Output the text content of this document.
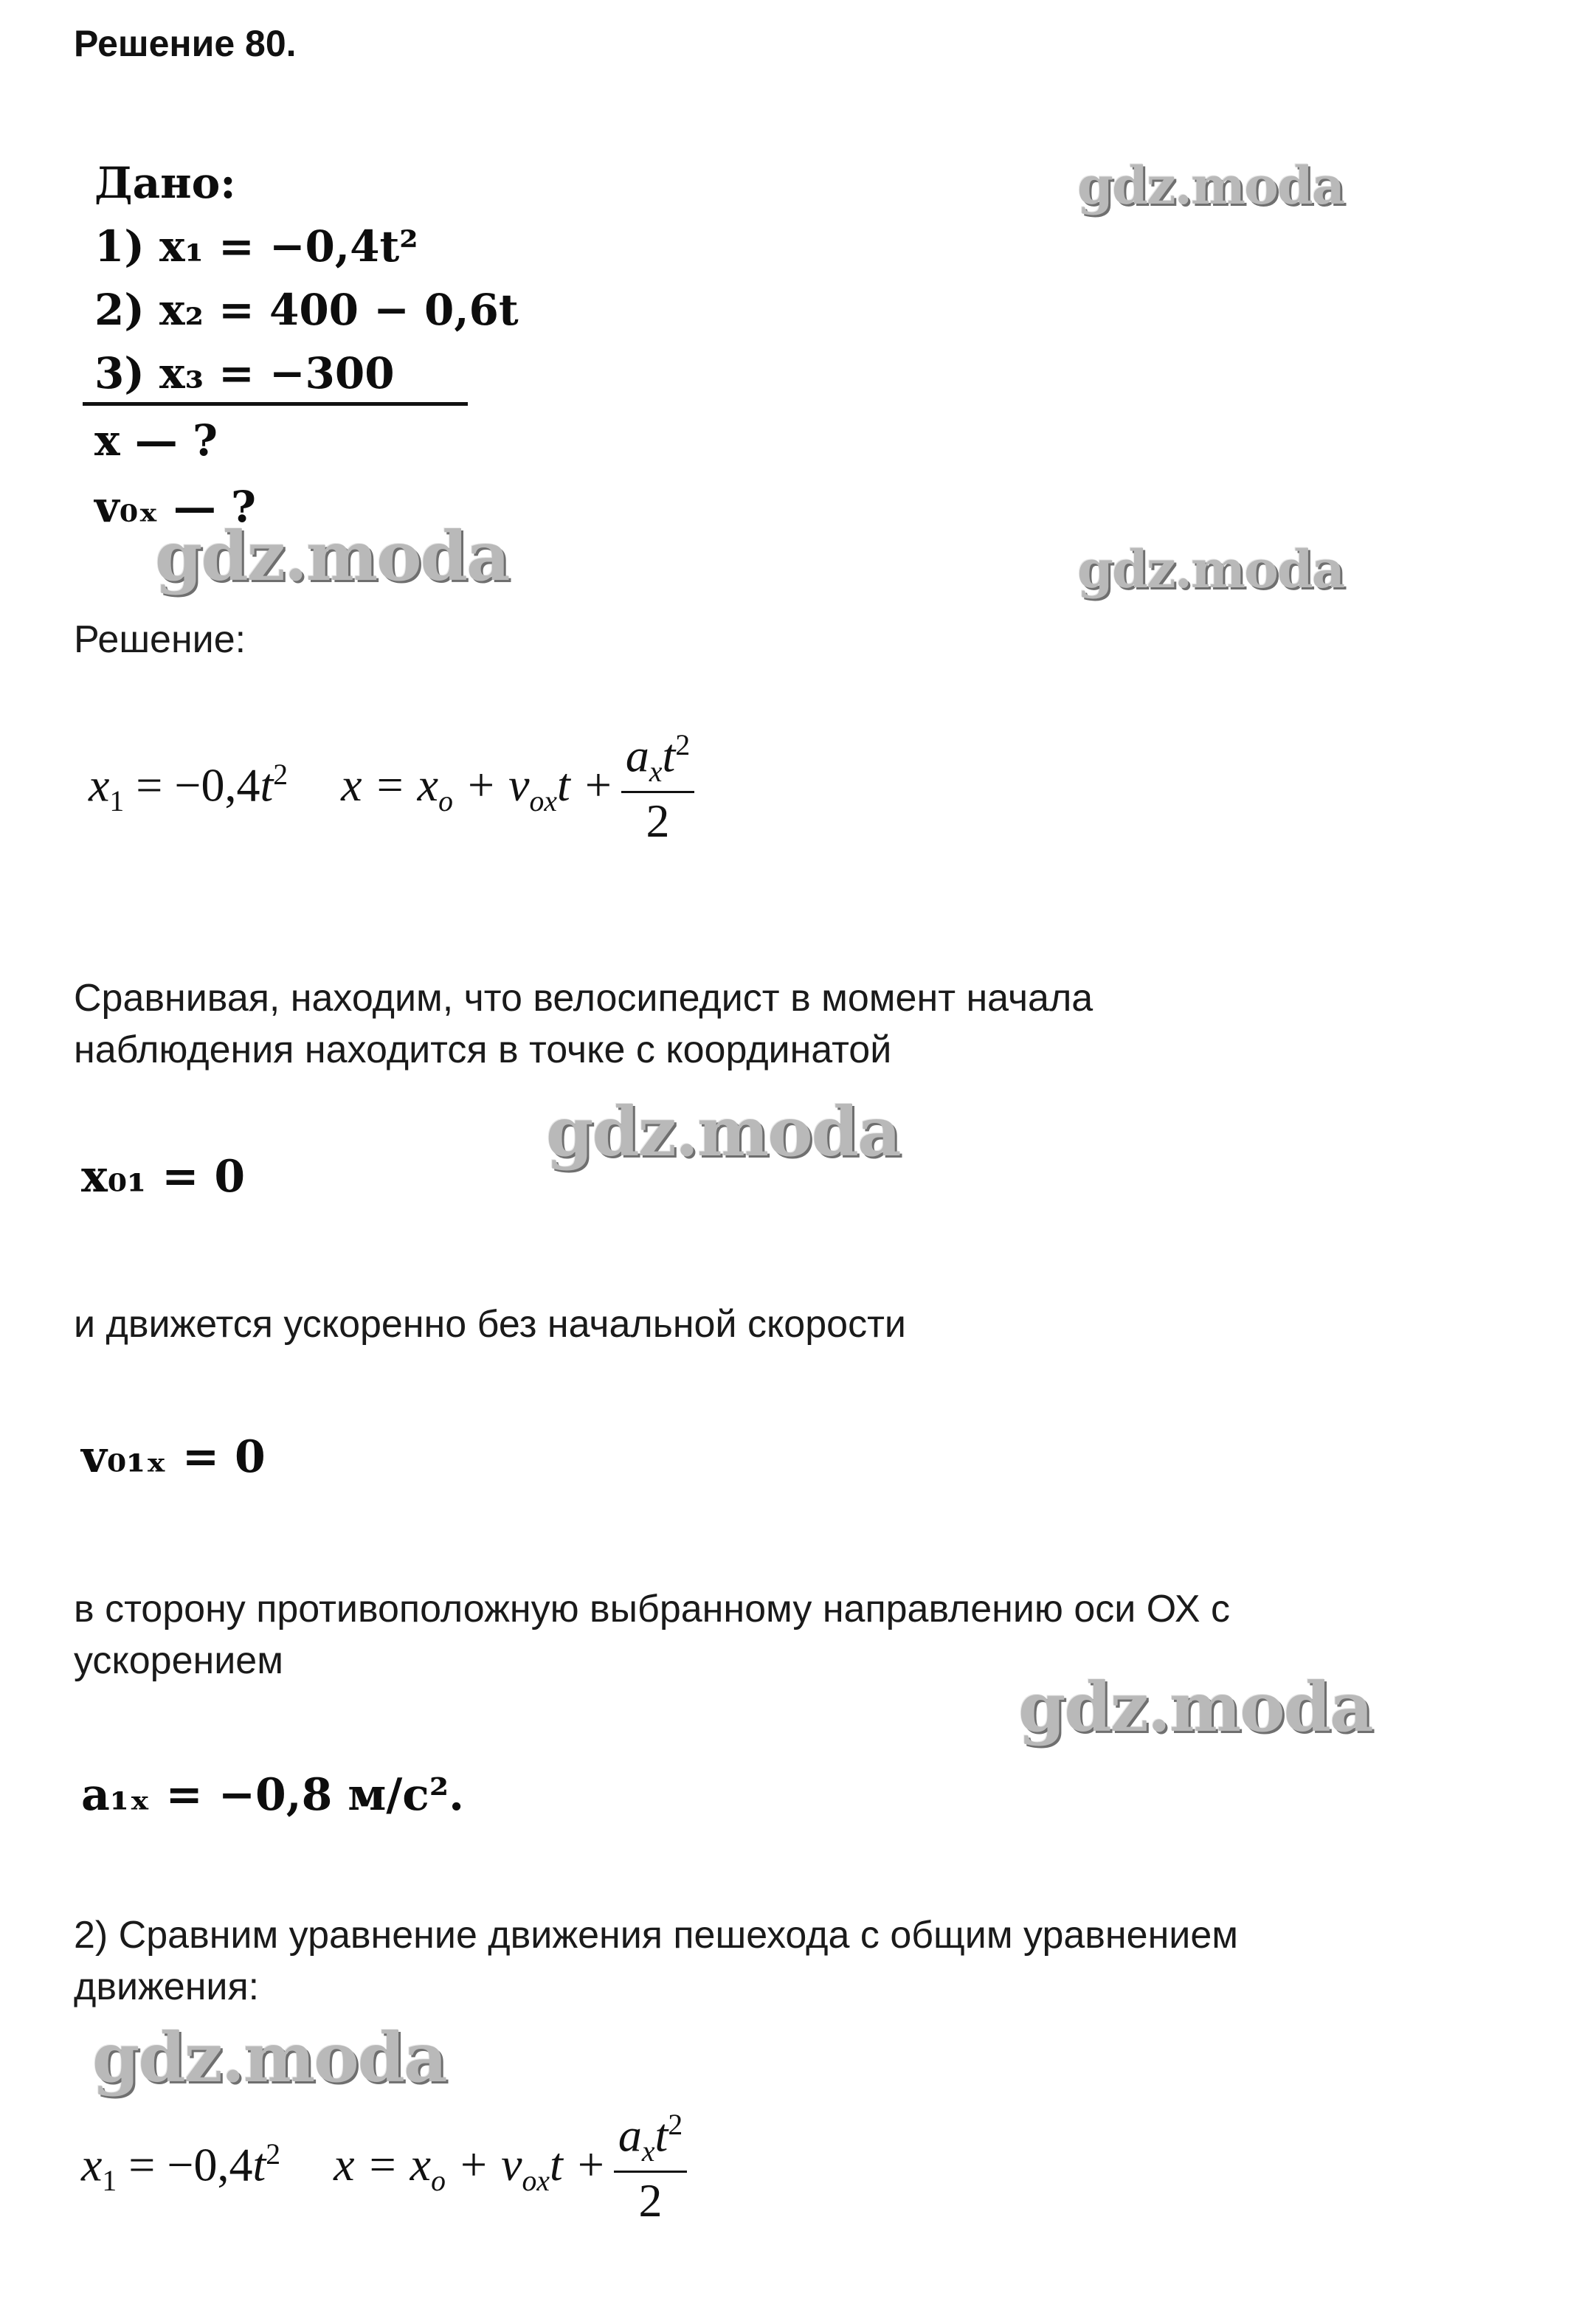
Решение 80.
Дано:
1) x₁ = −0,4t²
2) x₂ = 400 − 0,6t
3) x₃ = −300
x — ?
v₀ₓ — ?
Решение:
$x_1 = -0,4t^2$ $x = x_o + v_{ox}t + \frac{a_xt^2}{2}$
Сравнивая, находим, что велосипедист в момент начала
наблюдения находится в точке с координатой
x₀₁ = 0
и движется ускоренно без начальной скорости
v₀₁ₓ = 0
в сторону противоположную выбранному направлению оси ОХ с
ускорением
a₁ₓ = −0,8 м/с².
2) Сравним уравнение движения пешехода с общим уравнением
движения:
$x_1 = -0,4t^2$ $x = x_o + v_{ox}t + \frac{a_xt^2}{2}$
gdz.moda
gdz.moda	gdz.moda
gdz.moda
gdz.moda
gdz.moda
